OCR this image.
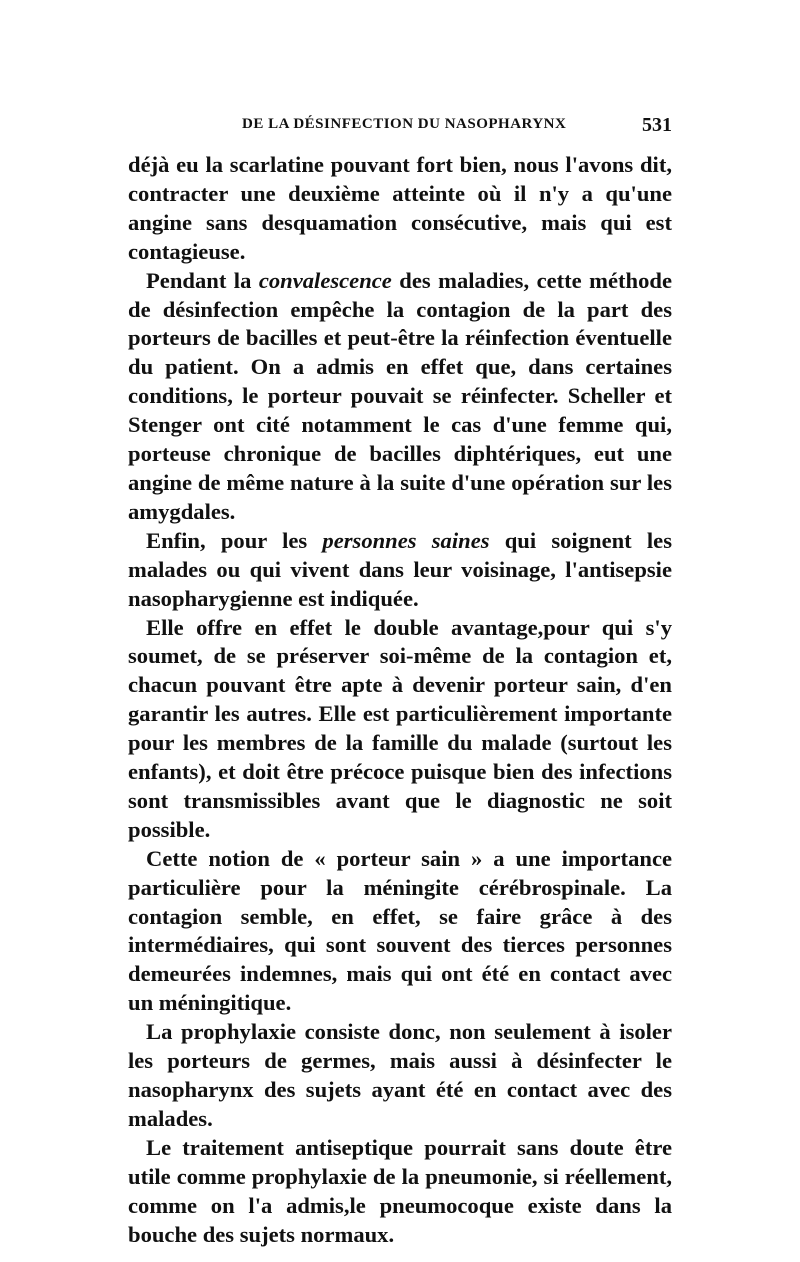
DE LA DÉSINFECTION DU NASOPHARYNX	531

déjà eu la scarlatine pouvant fort bien, nous l'avons dit, contracter une deuxième atteinte où il n'y a qu'une angine sans desquamation consécutive, mais qui est contagieuse.

Pendant la convalescence des maladies, cette méthode de désinfection empêche la contagion de la part des porteurs de bacilles et peut-être la réinfection éventuelle du patient. On a admis en effet que, dans certaines conditions, le porteur pouvait se réinfecter. Scheller et Stenger ont cité notamment le cas d'une femme qui, porteuse chronique de bacilles diphtériques, eut une angine de même nature à la suite d'une opération sur les amygdales.

Enfin, pour les personnes saines qui soignent les malades ou qui vivent dans leur voisinage, l'antisepsie nasopharygienne est indiquée.

Elle offre en effet le double avantage,pour qui s'y soumet, de se préserver soi-même de la contagion et, chacun pouvant être apte à devenir porteur sain, d'en garantir les autres. Elle est particulièrement importante pour les membres de la famille du malade (surtout les enfants), et doit être précoce puisque bien des infections sont transmissibles avant que le diagnostic ne soit possible.

Cette notion de « porteur sain » a une importance particulière pour la méningite cérébrospinale. La contagion semble, en effet, se faire grâce à des intermédiaires, qui sont souvent des tierces personnes demeurées indemnes, mais qui ont été en contact avec un méningitique.

La prophylaxie consiste donc, non seulement à isoler les porteurs de germes, mais aussi à désinfecter le nasopharynx des sujets ayant été en contact avec des malades.

Le traitement antiseptique pourrait sans doute être utile comme prophylaxie de la pneumonie, si réellement, comme on l'a admis,le pneumocoque existe dans la bouche des sujets normaux.
